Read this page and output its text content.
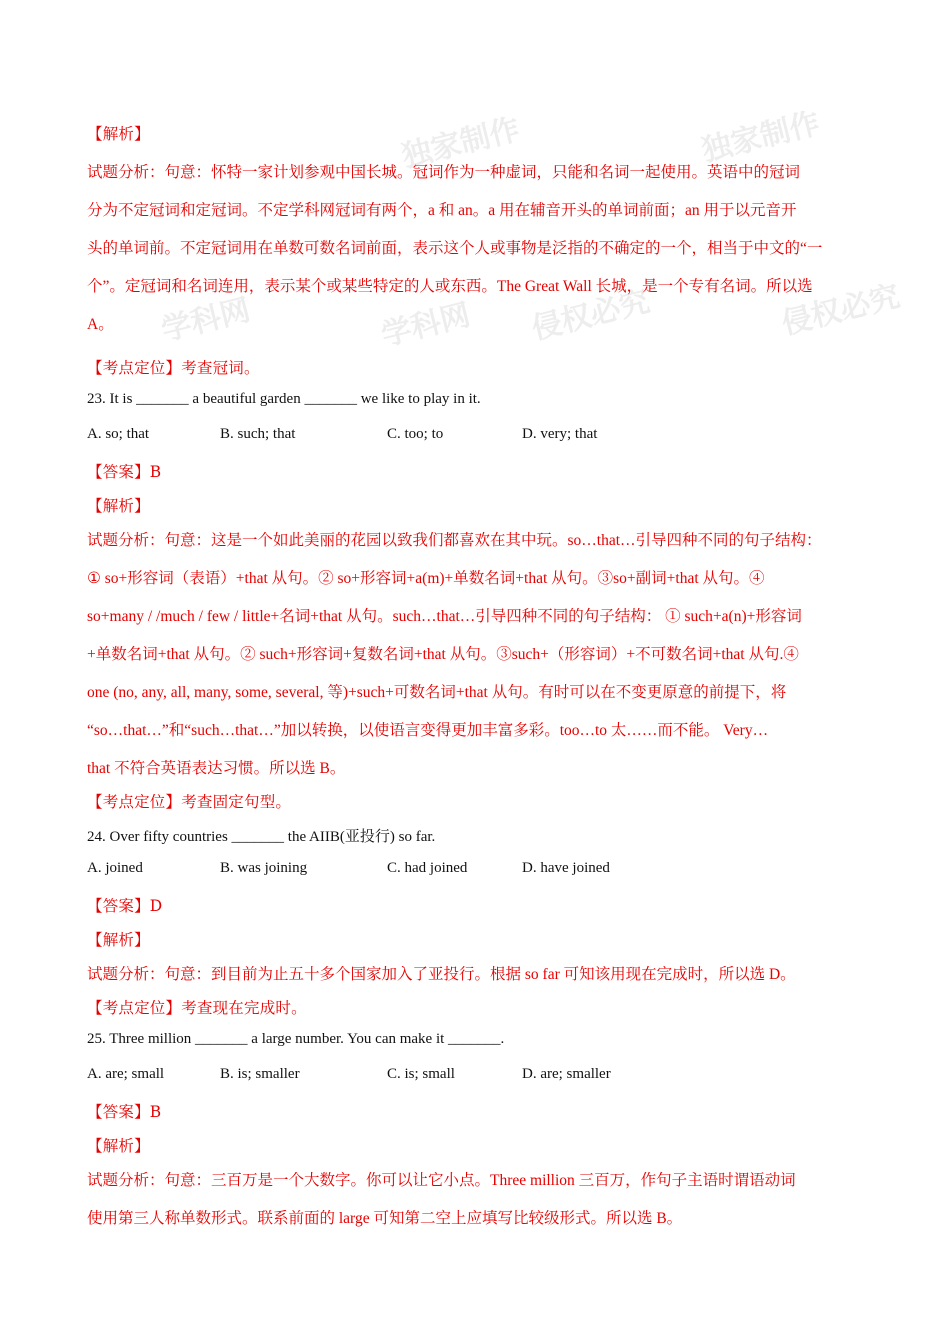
独家制作	独家制作
学科网 侵权必究
学科网	侵权必究
【解析】
试题分析：句意：怀特一家计划参观中国长城。冠词作为一种虚词，只能和名词一起使用。英语中的冠词
分为不定冠词和定冠词。不定学科网冠词有两个，a 和 an。a 用在辅音开头的单词前面；an 用于以元音开
头的单词前。不定冠词用在单数可数名词前面，表示这个人或事物是泛指的不确定的一个，相当于中文的“一
个”。定冠词和名词连用，表示某个或某些特定的人或东西。The Great Wall 长城，是一个专有名词。所以选
A。
【考点定位】考查冠词。
23. It is _______ a beautiful garden _______ we like to play in it.
A. so; that	B. such; that	C. too; to	D. very; that
【答案】B
【解析】
试题分析：句意：这是一个如此美丽的花园以致我们都喜欢在其中玩。so…that…引导四种不同的句子结构：
① so+形容词（表语）+that 从句。② so+形容词+a(m)+单数名词+that 从句。③so+副词+that 从句。④
so+many / /much / few / little+名词+that 从句。such…that…引导四种不同的句子结构： ① such+a(n)+形容词
+单数名词+that 从句。② such+形容词+复数名词+that 从句。③such+（形容词）+不可数名词+that 从句.④
one (no, any, all, many, some, several, 等)+such+可数名词+that 从句。有时可以在不变更原意的前提下，将
“so…that…”和“such…that…”加以转换，以使语言变得更加丰富多彩。too…to 太……而不能。 Very…
that 不符合英语表达习惯。所以选 B。
【考点定位】考查固定句型。
24. Over fifty countries _______ the AIIB(亚投行) so far.
A. joined	B. was joining	C. had joined	D. have joined
【答案】D
【解析】
试题分析：句意：到目前为止五十多个国家加入了亚投行。根据 so far 可知该用现在完成时，所以选 D。
【考点定位】考查现在完成时。
25. Three million _______ a large number. You can make it _______.
A. are; small	B. is; smaller	C. is; small	D. are; smaller
【答案】B
【解析】
试题分析：句意：三百万是一个大数字。你可以让它小点。Three million 三百万，作句子主语时谓语动词
使用第三人称单数形式。联系前面的 large 可知第二空上应填写比较级形式。所以选 B。
